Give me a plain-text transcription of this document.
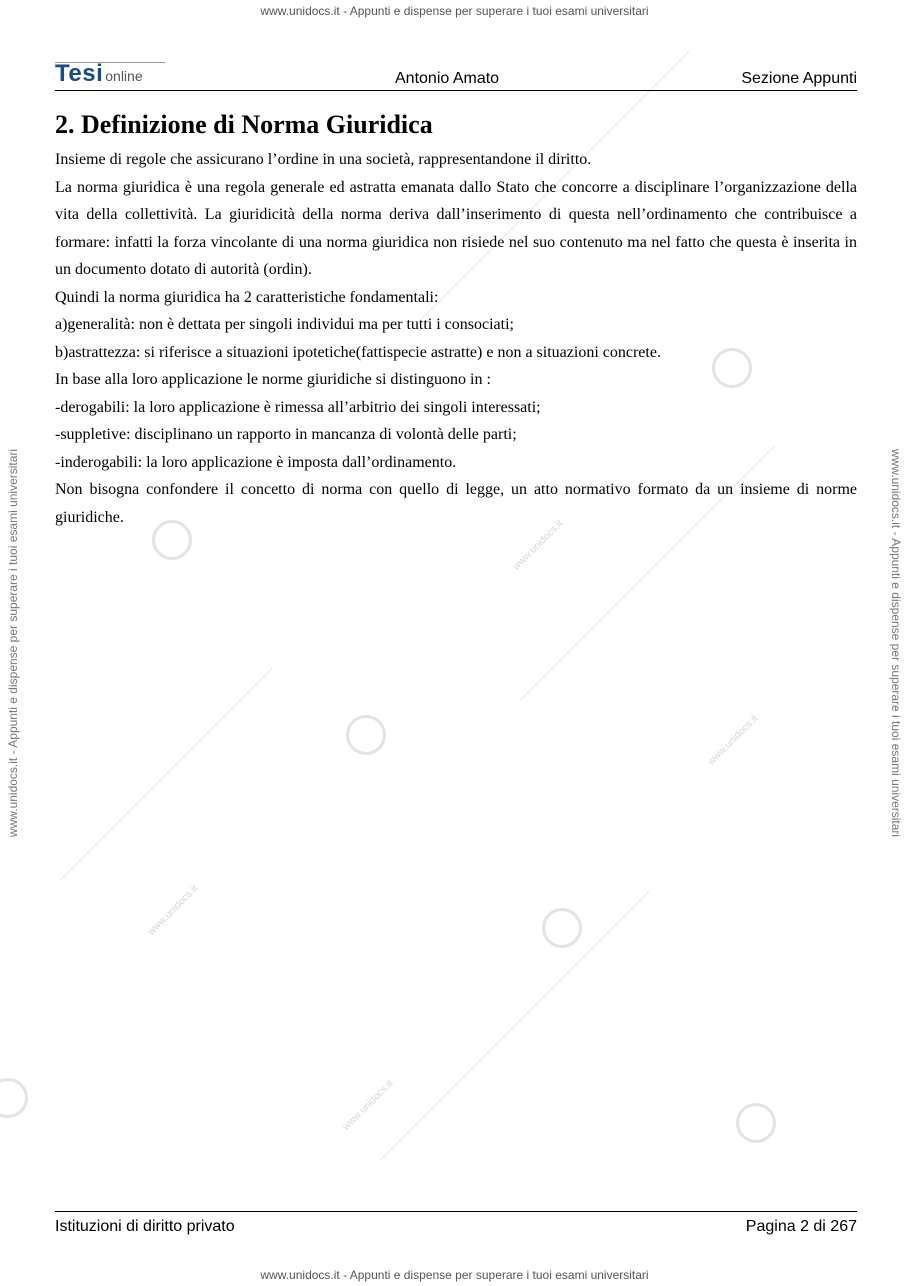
www.unidocs.it
www.unidocs.it
www.unidocs.it
www.unidocs.it
www.unidocs.it - Appunti e dispense per superare i tuoi esami universitari
www.unidocs.it - Appunti e dispense per superare i tuoi esami universitari
www.unidocs.it - Appunti e dispense per superare i tuoi esami universitari	www.unidocs.it - Appunti e dispense per superare i tuoi esami universitari
Tesi online	Antonio Amato	Sezione Appunti
2. Definizione di Norma Giuridica

Insieme di regole che assicurano l’ordine in una società, rappresentandone il diritto.

La norma giuridica è una regola generale ed astratta emanata dallo Stato che concorre a disciplinare l’organizzazione della vita della collettività. La giuridicità della norma deriva dall’inserimento di questa nell’ordinamento che contribuisce a formare: infatti la forza vincolante di una norma giuridica non risiede nel suo contenuto ma nel fatto che questa è inserita in un documento dotato di autorità (ordin).

Quindi la norma giuridica ha 2 caratteristiche fondamentali:

a)generalità: non è dettata per singoli individui ma per tutti i consociati;

b)astrattezza: si riferisce a situazioni ipotetiche(fattispecie astratte) e non a situazioni concrete.

In base alla loro applicazione le norme giuridiche si distinguono in :

-derogabili: la loro applicazione è rimessa all’arbitrio dei singoli interessati;

-suppletive: disciplinano un rapporto in mancanza di volontà delle parti;

-inderogabili: la loro applicazione è imposta dall’ordinamento.

Non bisogna confondere il concetto di norma con quello di legge, un atto normativo formato da un insieme di norme giuridiche.

Istituzioni di diritto privato	Pagina 2 di 267
